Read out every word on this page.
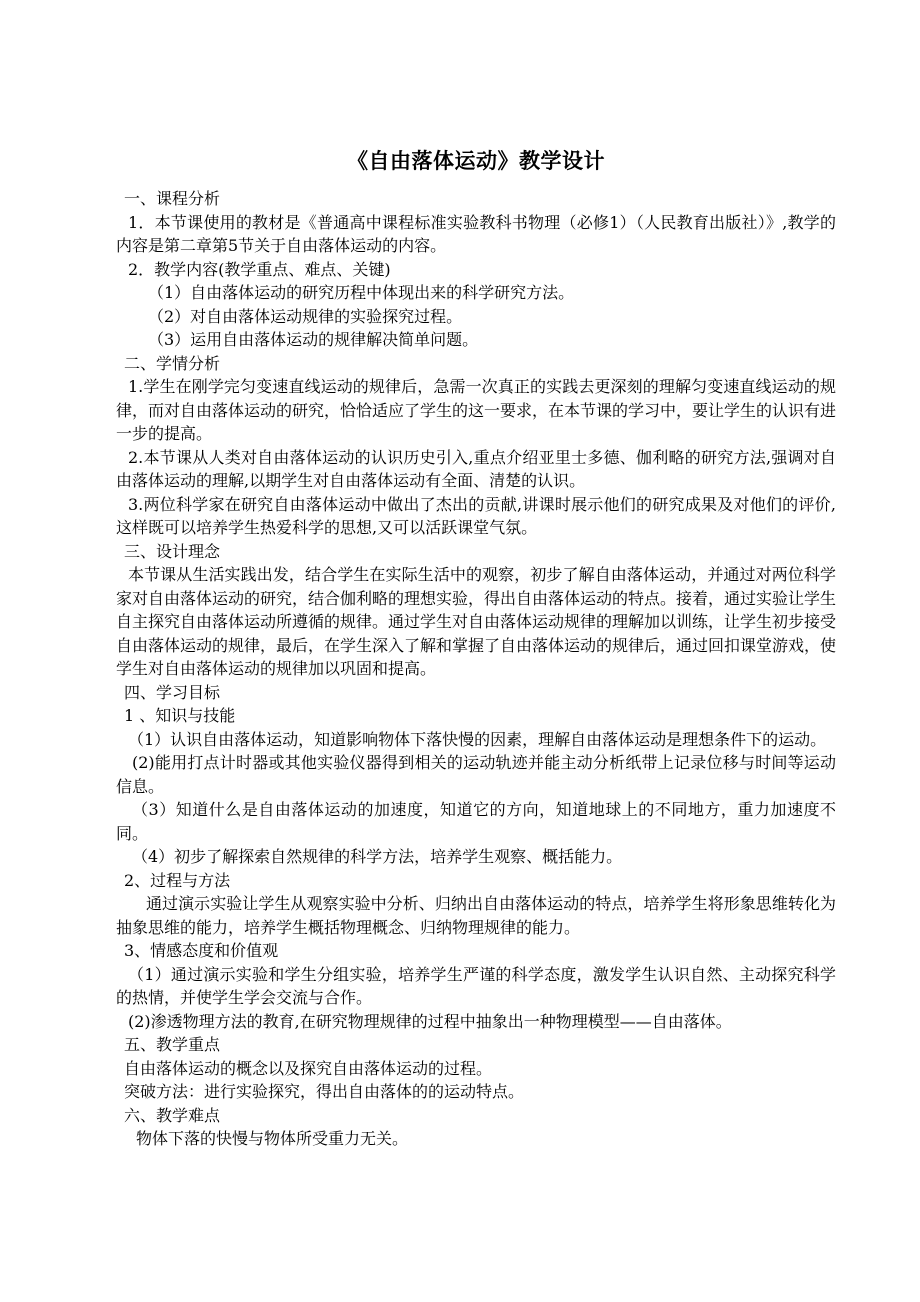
《自由落体运动》教学设计

一、课程分析

1．本节课使用的教材是《普通高中课程标准实验教科书物理（必修1）（人民教育出版社）》,教学的内容是第二章第5节关于自由落体运动的内容。

2．教学内容(教学重点、难点、关键)

（1）自由落体运动的研究历程中体现出来的科学研究方法。

（2）对自由落体运动规律的实验探究过程。

（3）运用自由落体运动的规律解决简单问题。

二、学情分析

1.学生在刚学完匀变速直线运动的规律后，急需一次真正的实践去更深刻的理解匀变速直线运动的规律，而对自由落体运动的研究，恰恰适应了学生的这一要求，在本节课的学习中，要让学生的认识有进一步的提高。

2.本节课从人类对自由落体运动的认识历史引入,重点介绍亚里士多德、伽利略的研究方法,强调对自由落体运动的理解,以期学生对自由落体运动有全面、清楚的认识。

3.两位科学家在研究自由落体运动中做出了杰出的贡献,讲课时展示他们的研究成果及对他们的评价,这样既可以培养学生热爱科学的思想,又可以活跃课堂气氛。

三、设计理念

本节课从生活实践出发，结合学生在实际生活中的观察，初步了解自由落体运动，并通过对两位科学家对自由落体运动的研究，结合伽利略的理想实验，得出自由落体运动的特点。接着，通过实验让学生自主探究自由落体运动所遵循的规律。通过学生对自由落体运动规律的理解加以训练，让学生初步接受自由落体运动的规律，最后，在学生深入了解和掌握了自由落体运动的规律后，通过回扣课堂游戏，使学生对自由落体运动的规律加以巩固和提高。

四、学习目标

1 、知识与技能

（1）认识自由落体运动，知道影响物体下落快慢的因素，理解自由落体运动是理想条件下的运动。

(2)能用打点计时器或其他实验仪器得到相关的运动轨迹并能主动分析纸带上记录位移与时间等运动信息。

（3）知道什么是自由落体运动的加速度，知道它的方向，知道地球上的不同地方，重力加速度不同。

（4）初步了解探索自然规律的科学方法，培养学生观察、概括能力。

2、过程与方法

通过演示实验让学生从观察实验中分析、归纳出自由落体运动的特点，培养学生将形象思维转化为抽象思维的能力，培养学生概括物理概念、归纳物理规律的能力。

3、情感态度和价值观

（1）通过演示实验和学生分组实验，培养学生严谨的科学态度，激发学生认识自然、主动探究科学的热情，并使学生学会交流与合作。

(2)渗透物理方法的教育,在研究物理规律的过程中抽象出一种物理模型——自由落体。

五、教学重点

自由落体运动的概念以及探究自由落体运动的过程。

突破方法：进行实验探究，得出自由落体的的运动特点。

六、教学难点

物体下落的快慢与物体所受重力无关。
